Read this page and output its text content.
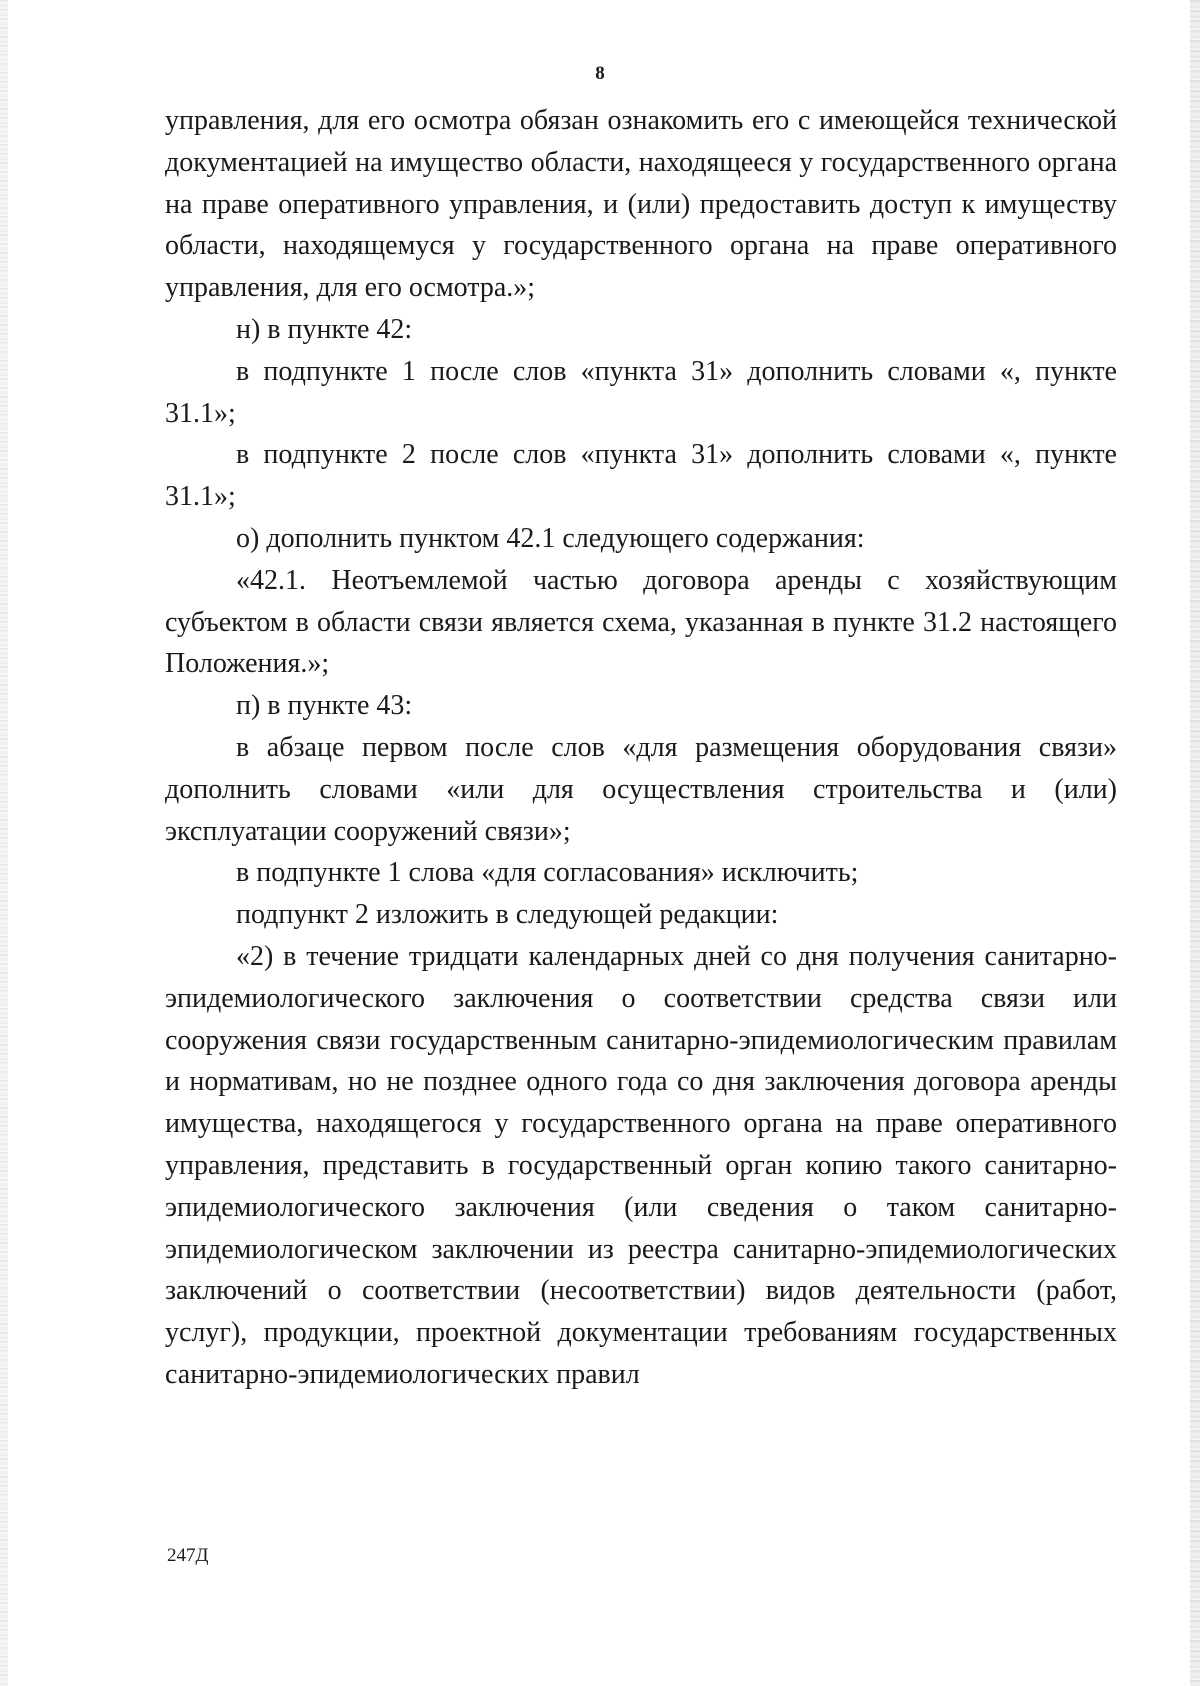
8

управления, для его осмотра обязан ознакомить его с имеющейся технической документацией на имущество области, находящееся у государственного органа на праве оперативного управления, и (или) предоставить доступ к имуществу области, находящемуся у государственного органа на праве оперативного управления, для его осмотра.»;

н) в пункте 42:

в подпункте 1 после слов «пункта 31» дополнить словами «, пункте 31.1»;

в подпункте 2 после слов «пункта 31» дополнить словами «, пункте 31.1»;

о) дополнить пунктом 42.1 следующего содержания:

«42.1. Неотъемлемой частью договора аренды с хозяйствующим субъектом в области связи является схема, указанная в пункте 31.2 настоящего Положения.»;

п) в пункте 43:

в абзаце первом после слов «для размещения оборудования связи» дополнить словами «или для осуществления строительства и (или) эксплуатации сооружений связи»;

в подпункте 1 слова «для согласования» исключить;

подпункт 2 изложить в следующей редакции:

«2) в течение тридцати календарных дней со дня получения санитарно-эпидемиологического заключения о соответствии средства связи или сооружения связи государственным санитарно-эпидемиологическим правилам и нормативам, но не позднее одного года со дня заключения договора аренды имущества, находящегося у государственного органа на праве оперативного управления, представить в государственный орган копию такого санитарно-эпидемиологического заключения (или сведения о таком санитарно-эпидемиологическом заключении из реестра санитарно-эпидемиологических заключений о соответствии (несоответствии) видов деятельности (работ, услуг), продукции, проектной документации требованиям государственных санитарно-эпидемиологических правил

247Д
